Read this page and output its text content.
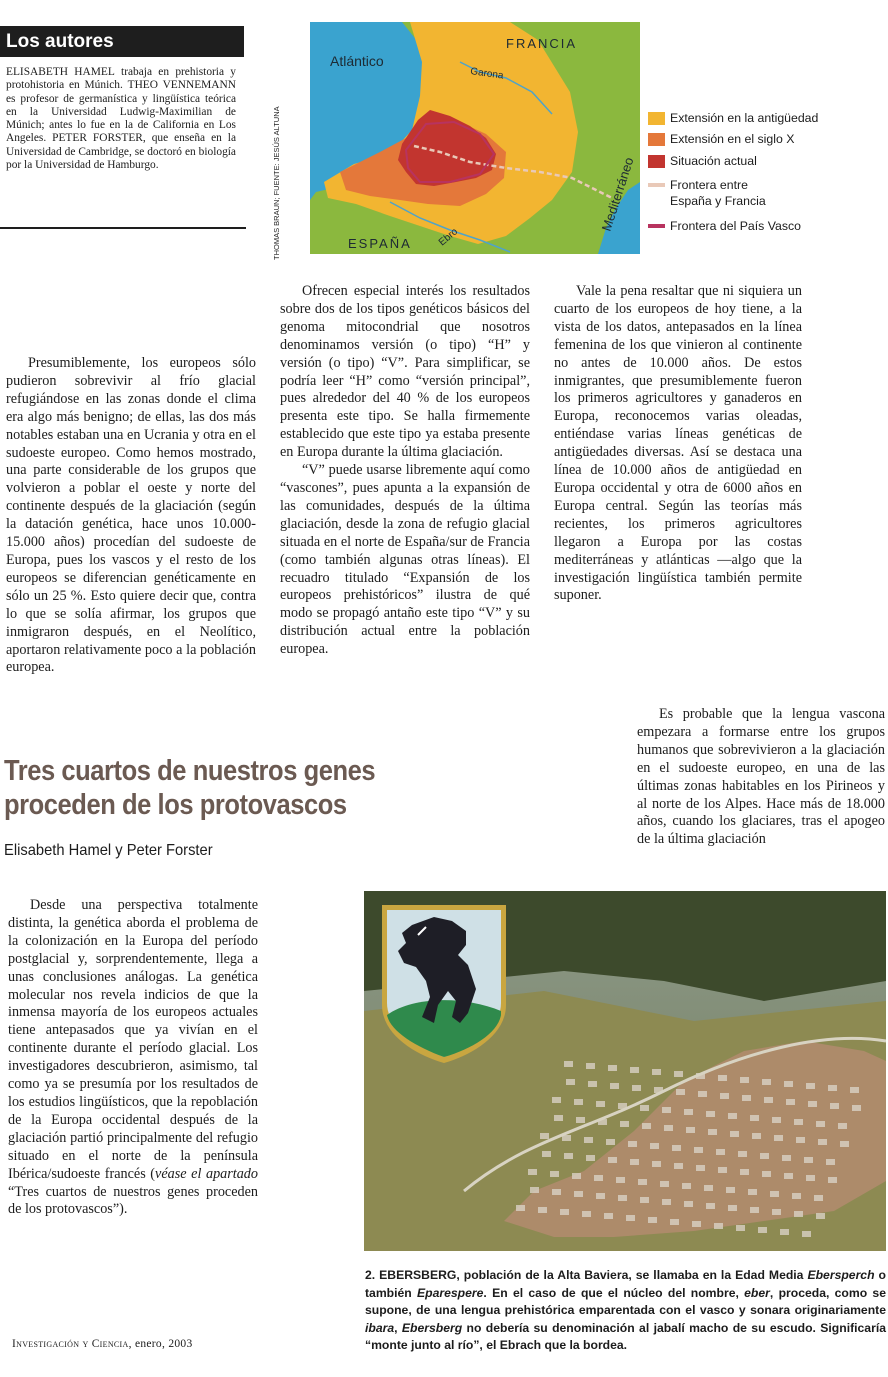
Los autores
ELISABETH HAMEL trabaja en prehistoria y protohistoria en Múnich. THEO VENNEMANN es profesor de germanística y lingüística teórica en la Universidad Ludwig-Maximilian de Múnich; antes lo fue en la de California en Los Angeles. PETER FORSTER, que enseña en la Universidad de Cambridge, se doctoró en biología por la Universidad de Hamburgo.	THOMAS BRAUN; FUENTE: JESÚS ALTUNA
Atlántico
FRANCIA
Garona
Mediterráneo
ESPAÑA	Ebro
Extensión en la antigüedad
Extensión en el siglo X
Situación actual
Frontera entre
España y Francia
Frontera del País Vasco

Presumiblemente, los europeos sólo pudieron sobrevivir al frío glacial refugiándose en las zonas donde el clima era algo más benigno; de ellas, las dos más notables estaban una en Ucrania y otra en el sudoeste europeo. Como hemos mostrado, una parte considerable de los grupos que volvieron a poblar el oeste y norte del continente después de la glaciación (según la datación genética, hace unos 10.000-15.000 años) procedían del sudoeste de Europa, pues los vascos y el resto de los europeos se diferencian genéticamente en sólo un 25 %. Esto quiere decir que, contra lo que se solía afirmar, los grupos que inmigraron después, en el Neolítico, aportaron relativamente poco a la población europea.

Ofrecen especial interés los resultados sobre dos de los tipos genéticos básicos del genoma mitocondrial que nosotros denominamos versión (o tipo) “H” y versión (o tipo) “V”. Para simplificar, se podría leer “H” como “versión principal”, pues alrededor del 40 % de los europeos presenta este tipo. Se halla firmemente establecido que este tipo ya estaba presente en Europa durante la última glaciación.

“V” puede usarse libremente aquí como “vascones”, pues apunta a la expansión de las comunidades, después de la última glaciación, desde la zona de refugio glacial situada en el norte de España/sur de Francia (como también algunas otras líneas). El recuadro titulado “Expansión de los europeos prehistóricos” ilustra de qué modo se propagó antaño este tipo “V” y su distribución actual entre la población europea.

Vale la pena resaltar que ni siquiera un cuarto de los europeos de hoy tiene, a la vista de los datos, antepasados en la línea femenina de los que vinieron al continente no antes de 10.000 años. De estos inmigrantes, que presumiblemente fueron los primeros agricultores y ganaderos en Europa, reconocemos varias oleadas, entiéndase varias líneas genéticas de antigüedades diversas. Así se destaca una línea de 10.000 años de antigüedad en Europa occidental y otra de 6000 años en Europa central. Según las teorías más recientes, los primeros agricultores llegaron a Europa por las costas mediterráneas y atlánticas —algo que la investigación lingüística también permite suponer.

Es probable que la lengua vascona empezara a formarse entre los grupos humanos que sobrevivieron a la glaciación en el sudoeste europeo, en una de las últimas zonas habitables en los Pirineos y al norte de los Alpes. Hace más de 18.000 años, cuando los glaciares, tras el apogeo de la última glaciación

Tres cuartos de nuestros genes proceden de los protovascos
Elisabeth Hamel y Peter Forster

Desde una perspectiva totalmente distinta, la genética aborda el problema de la colonización en la Europa del período postglacial y, sorprendentemente, llega a unas conclusiones análogas. La genética molecular nos revela indicios de que la inmensa mayoría de los europeos actuales tiene antepasados que ya vivían en el continente durante el período glacial. Los investigadores descubrieron, asimismo, tal como ya se presumía por los resultados de los estudios lingüísticos, que la repoblación de la Europa occidental después de la glaciación partió principalmente del refugio situado en el norte de la península Ibérica/sudoeste francés (véase el apartado “Tres cuartos de nuestros genes proceden de los protovascos”).

2. EBERSBERG, población de la Alta Baviera, se llamaba en la Edad Media Ebersperch o también Eparespere. En el caso de que el núcleo del nombre, eber, proceda, como se supone, de una lengua prehistórica emparentada con el vasco y sonara originariamente ibara, Ebersberg no debería su denominación al jabalí macho de su escudo. Significaría “monte junto al río”, el Ebrach que la bordea.
Investigación y Ciencia, enero, 2003
